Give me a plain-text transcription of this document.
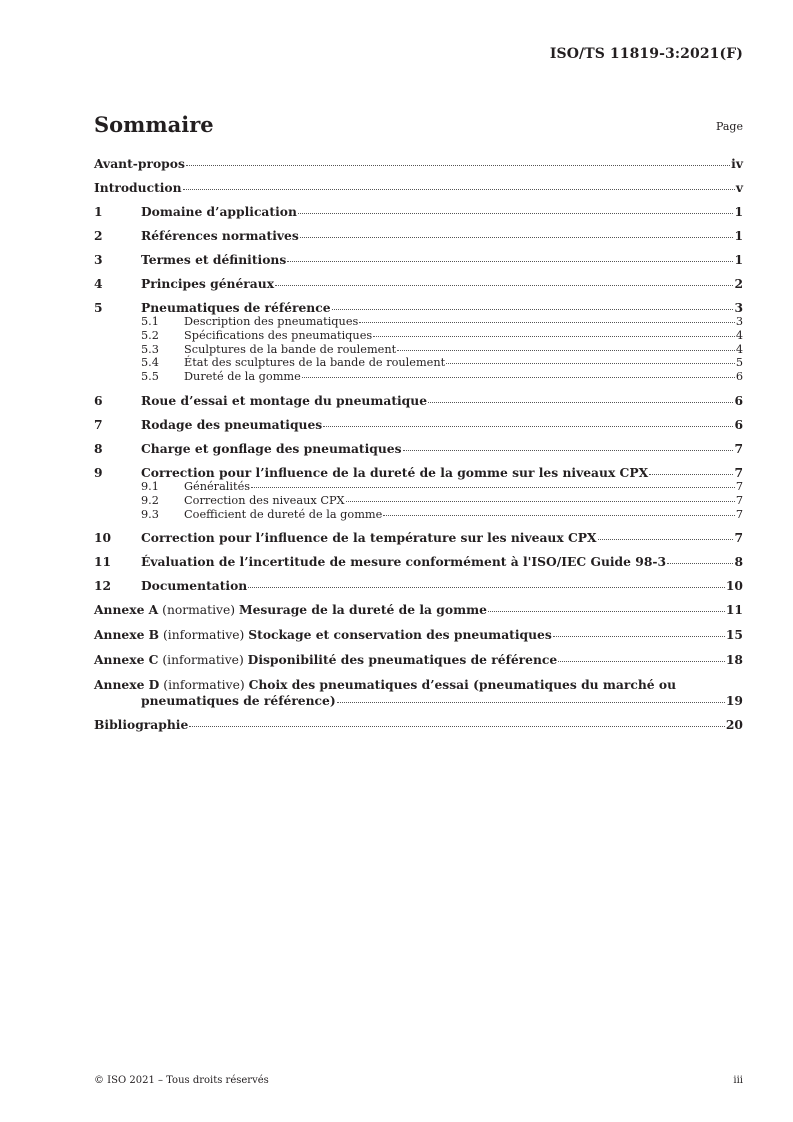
ISO/TS 11819-3:2021(F)
Sommaire	Page
Avant-propos	iv
Introduction	v
1	Domaine d’application	1
2	Références normatives	1
3	Termes et définitions	1
4	Principes généraux	2
5	Pneumatiques de référence	3
5.1	Description des pneumatiques	3
5.2	Spécifications des pneumatiques	4
5.3	Sculptures de la bande de roulement	4
5.4	État des sculptures de la bande de roulement	5
5.5	Dureté de la gomme	6
6	Roue d’essai et montage du pneumatique	6
7	Rodage des pneumatiques	6
8	Charge et gonflage des pneumatiques	7
9	Correction pour l’influence de la dureté de la gomme sur les niveaux CPX	7
9.1	Généralités	7
9.2	Correction des niveaux CPX	7
9.3	Coefficient de dureté de la gomme	7
10	Correction pour l’influence de la température sur les niveaux CPX	7
11	Évaluation de l’incertitude de mesure conformément à l'ISO/IEC Guide 98-3	8
12	Documentation	10
Annexe A (normative) Mesurage de la dureté de la gomme	11
Annexe B (informative) Stockage et conservation des pneumatiques	15
Annexe C (informative) Disponibilité des pneumatiques de référence	18
Annexe D (informative) Choix des pneumatiques d’essai (pneumatiques du marché ou
pneumatiques de référence)	19
Bibliographie	20
© ISO 2021 – Tous droits réservés	iii
